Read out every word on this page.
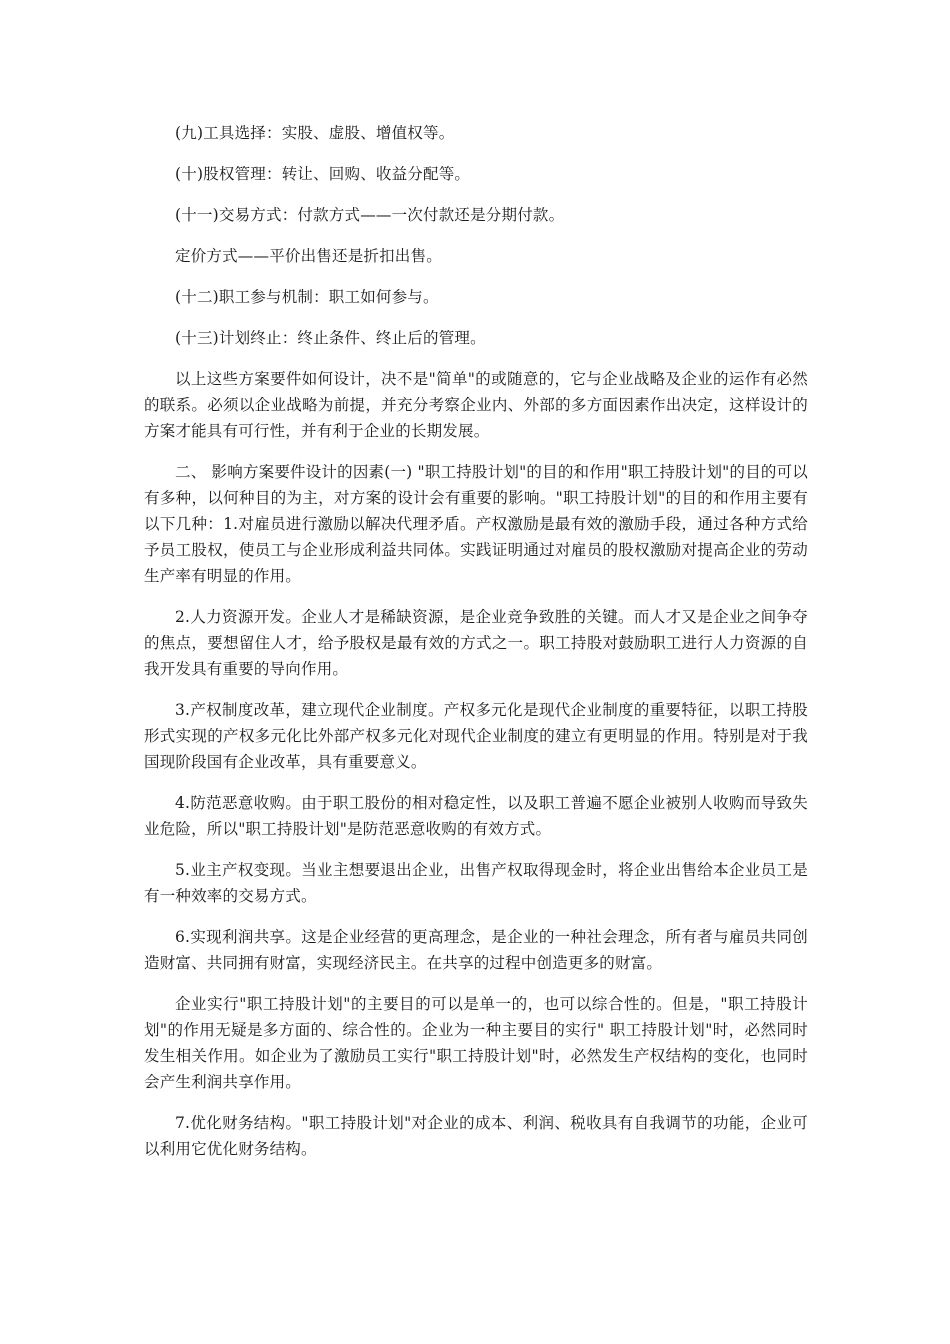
(九)工具选择：实股、虚股、增值权等。

(十)股权管理：转让、回购、收益分配等。

(十一)交易方式：付款方式——一次付款还是分期付款。

定价方式——平价出售还是折扣出售。

(十二)职工参与机制：职工如何参与。

(十三)计划终止：终止条件、终止后的管理。

以上这些方案要件如何设计，决不是"简单"的或随意的，它与企业战略及企业的运作有必然的联系。必须以企业战略为前提，并充分考察企业内、外部的多方面因素作出决定，这样设计的方案才能具有可行性，并有利于企业的长期发展。

二、 影响方案要件设计的因素(一) "职工持股计划"的目的和作用"职工持股计划"的目的可以有多种，以何种目的为主，对方案的设计会有重要的影响。"职工持股计划"的目的和作用主要有以下几种：1.对雇员进行激励以解决代理矛盾。产权激励是最有效的激励手段，通过各种方式给予员工股权，使员工与企业形成利益共同体。实践证明通过对雇员的股权激励对提高企业的劳动生产率有明显的作用。

2.人力资源开发。企业人才是稀缺资源，是企业竞争致胜的关键。而人才又是企业之间争夺的焦点，要想留住人才，给予股权是最有效的方式之一。职工持股对鼓励职工进行人力资源的自我开发具有重要的导向作用。

3.产权制度改革，建立现代企业制度。产权多元化是现代企业制度的重要特征，以职工持股形式实现的产权多元化比外部产权多元化对现代企业制度的建立有更明显的作用。特别是对于我国现阶段国有企业改革，具有重要意义。

4.防范恶意收购。由于职工股份的相对稳定性，以及职工普遍不愿企业被别人收购而导致失业危险，所以"职工持股计划"是防范恶意收购的有效方式。

5.业主产权变现。当业主想要退出企业，出售产权取得现金时，将企业出售给本企业员工是有一种效率的交易方式。

6.实现利润共享。这是企业经营的更高理念，是企业的一种社会理念，所有者与雇员共同创造财富、共同拥有财富，实现经济民主。在共享的过程中创造更多的财富。

企业实行"职工持股计划"的主要目的可以是单一的，也可以综合性的。但是，"职工持股计划"的作用无疑是多方面的、综合性的。企业为一种主要目的实行" 职工持股计划"时，必然同时发生相关作用。如企业为了激励员工实行"职工持股计划"时，必然发生产权结构的变化，也同时会产生利润共享作用。

7.优化财务结构。"职工持股计划"对企业的成本、利润、税收具有自我调节的功能，企业可以利用它优化财务结构。
